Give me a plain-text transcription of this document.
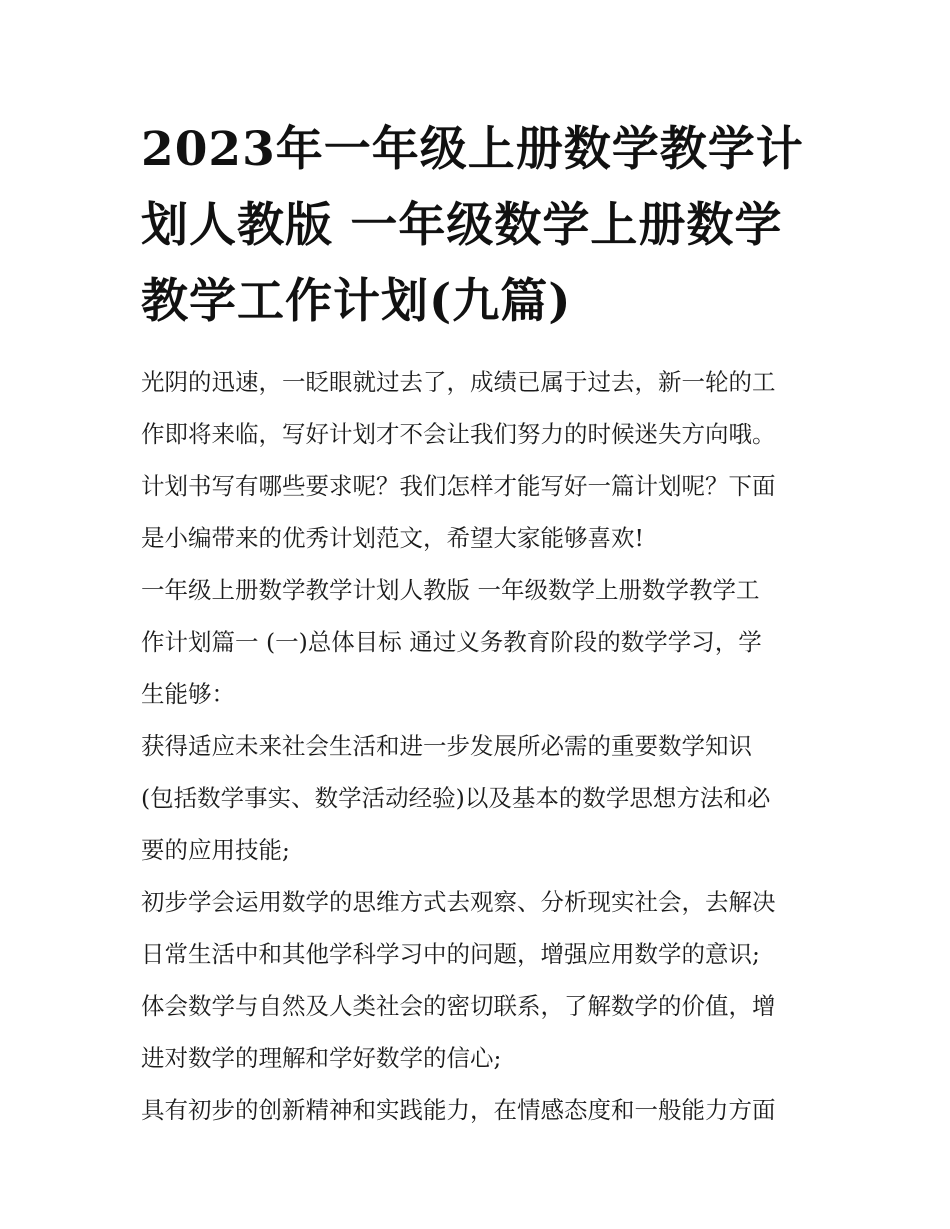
2023年一年级上册数学教学计
划人教版 一年级数学上册数学
教学工作计划(九篇)
光阴的迅速，一眨眼就过去了，成绩已属于过去，新一轮的工
作即将来临，写好计划才不会让我们努力的时候迷失方向哦。
计划书写有哪些要求呢？我们怎样才能写好一篇计划呢？下面
是小编带来的优秀计划范文，希望大家能够喜欢!
一年级上册数学教学计划人教版 一年级数学上册数学教学工
作计划篇一 (一)总体目标 通过义务教育阶段的数学学习，学
生能够：
获得适应未来社会生活和进一步发展所必需的重要数学知识
(包括数学事实、数学活动经验)以及基本的数学思想方法和必
要的应用技能;
初步学会运用数学的思维方式去观察、分析现实社会，去解决
日常生活中和其他学科学习中的问题，增强应用数学的意识;
体会数学与自然及人类社会的密切联系，了解数学的价值，增
进对数学的理解和学好数学的信心;
具有初步的创新精神和实践能力，在情感态度和一般能力方面
